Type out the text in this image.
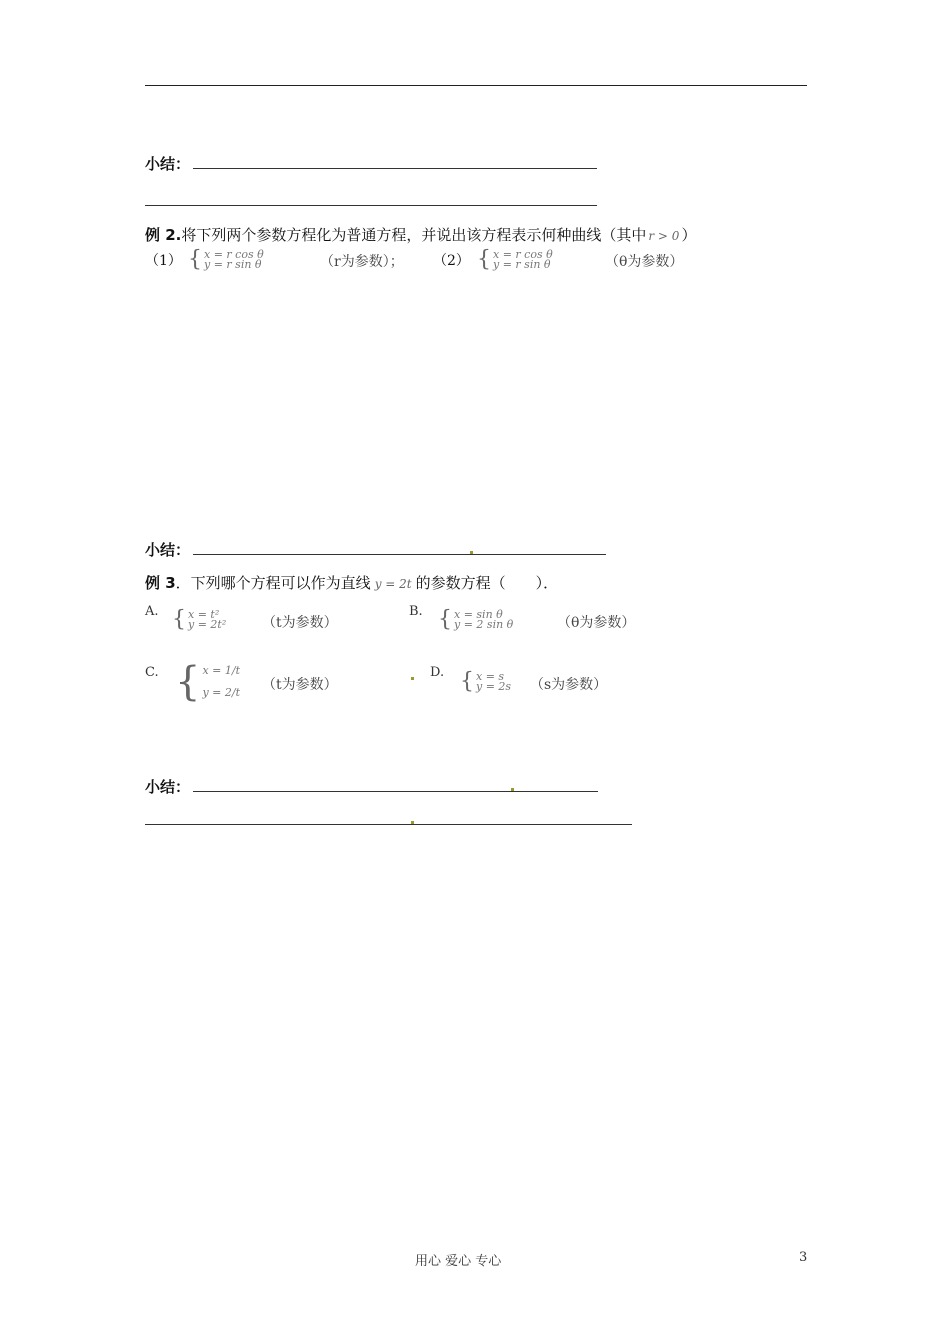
小结：
例 2.将下列两个参数方程化为普通方程，并说出该方程表示何种曲线（其中 r > 0 ）
（1） { x = r cos θ
y = r sin θ	（r为参数）； （2） { x = r cos θ
y = r sin θ	（θ为参数）
小结：
例 3．下列哪个方程可以作为直线 y = 2t 的参数方程（　　）．
A. { x = t²
y = 2t²	（t为参数）
B. { x = sin θ
y = 2 sin θ	（θ为参数）
C. { x = 1/t
y = 2/t （t为参数）
D. { x = s
y = 2s （s为参数）
小结：
用心 爱心 专心	3
